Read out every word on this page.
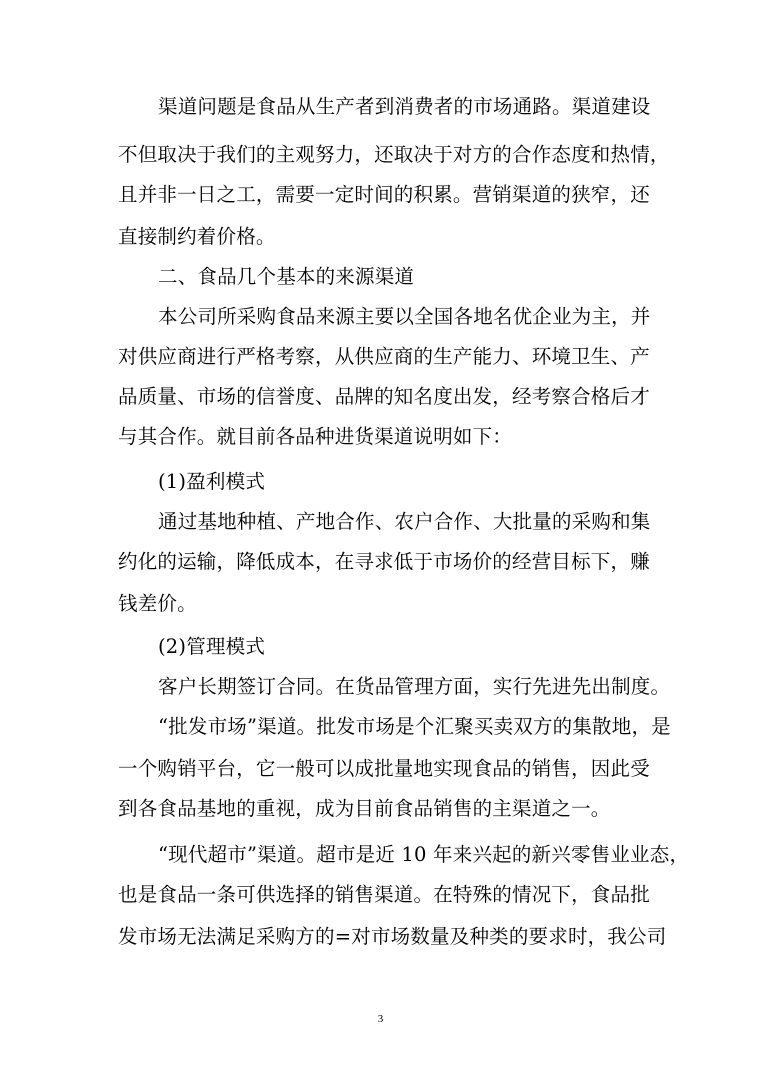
渠道问题是食品从生产者到消费者的市场通路。渠道建设
不但取决于我们的主观努力，还取决于对方的合作态度和热情，
且并非一日之工，需要一定时间的积累。营销渠道的狭窄，还
直接制约着价格。
二、食品几个基本的来源渠道
本公司所采购食品来源主要以全国各地名优企业为主，并
对供应商进行严格考察，从供应商的生产能力、环境卫生、产
品质量、市场的信誉度、品牌的知名度出发，经考察合格后才
与其合作。就目前各品种进货渠道说明如下：
(1)盈利模式
通过基地种植、产地合作、农户合作、大批量的采购和集
约化的运输，降低成本，在寻求低于市场价的经营目标下，赚
钱差价。
(2)管理模式
客户长期签订合同。在货品管理方面，实行先进先出制度。
“批发市场”渠道。批发市场是个汇聚买卖双方的集散地，是
一个购销平台，它一般可以成批量地实现食品的销售，因此受
到各食品基地的重视，成为目前食品销售的主渠道之一。
“现代超市”渠道。超市是近 10 年来兴起的新兴零售业业态，
也是食品一条可供选择的销售渠道。在特殊的情况下，食品批
发市场无法满足采购方的=对市场数量及种类的要求时，我公司
3
